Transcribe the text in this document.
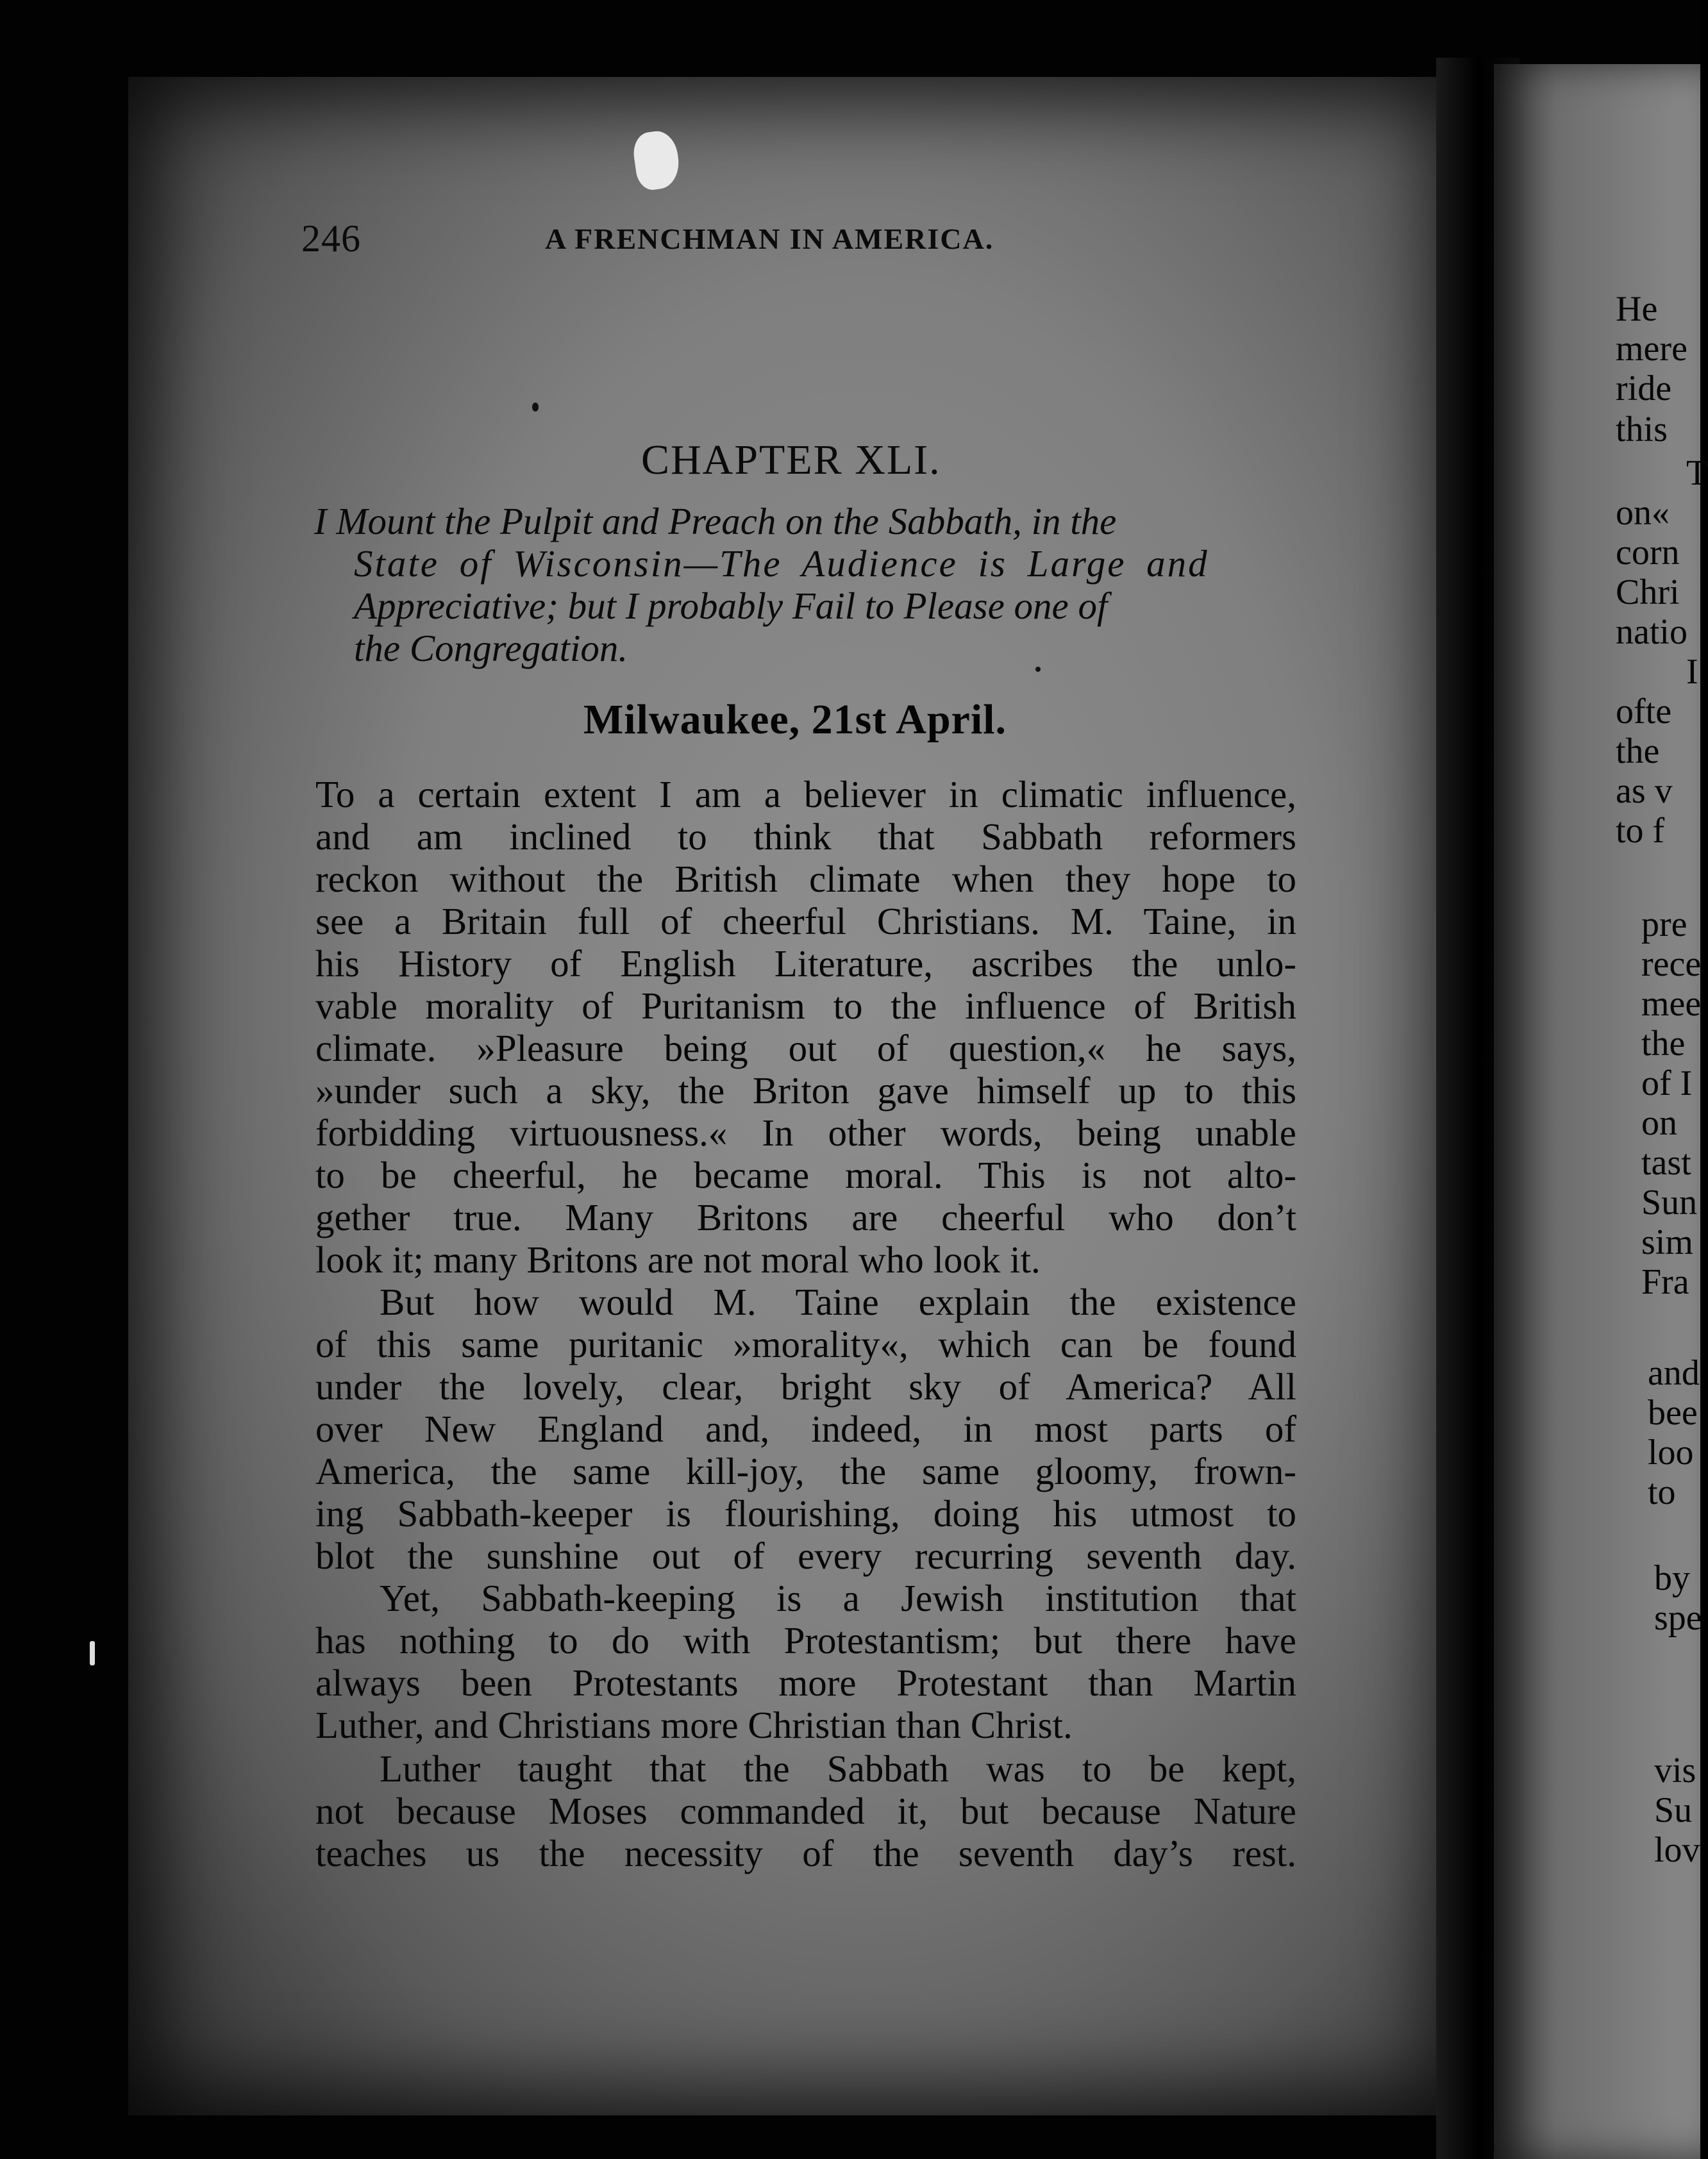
He
mere
ride
this
T
on«
corn
Chri
natio
I
ofte
the
as v
to f
pre
rece
mee
the
of I
on
tast
Sun
sim
Fra
and
bee
loo
to
by
spe
vis
Su
lov
246	A FRENCHMAN IN AMERICA.
CHAPTER XLI.
I Mount the Pulpit and Preach on the Sabbath, in the
State of Wisconsin—The Audience is Large and
Appreciative; but I probably Fail to Please one of
the Congregation.
Milwaukee, 21st April.
To a certain extent I am a believer in climatic influence,
and am inclined to think that Sabbath reformers
reckon without the British climate when they hope to
see a Britain full of cheerful Christians. M. Taine, in
his History of English Literature, ascribes the unlo-
vable morality of Puritanism to the influence of British
climate. »Pleasure being out of question,« he says,
»under such a sky, the Briton gave himself up to this
forbidding virtuousness.« In other words, being unable
to be cheerful, he became moral. This is not alto-
gether true. Many Britons are cheerful who don’t
look it; many Britons are not moral who look it.
But how would M. Taine explain the existence
of this same puritanic »morality«, which can be found
under the lovely, clear, bright sky of America? All
over New England and, indeed, in most parts of
America, the same kill-joy, the same gloomy, frown-
ing Sabbath-keeper is flourishing, doing his utmost to
blot the sunshine out of every recurring seventh day.
Yet, Sabbath-keeping is a Jewish institution that
has nothing to do with Protestantism; but there have
always been Protestants more Protestant than Martin
Luther, and Christians more Christian than Christ.
Luther taught that the Sabbath was to be kept,
not because Moses commanded it, but because Nature
teaches us the necessity of the seventh day’s rest.
